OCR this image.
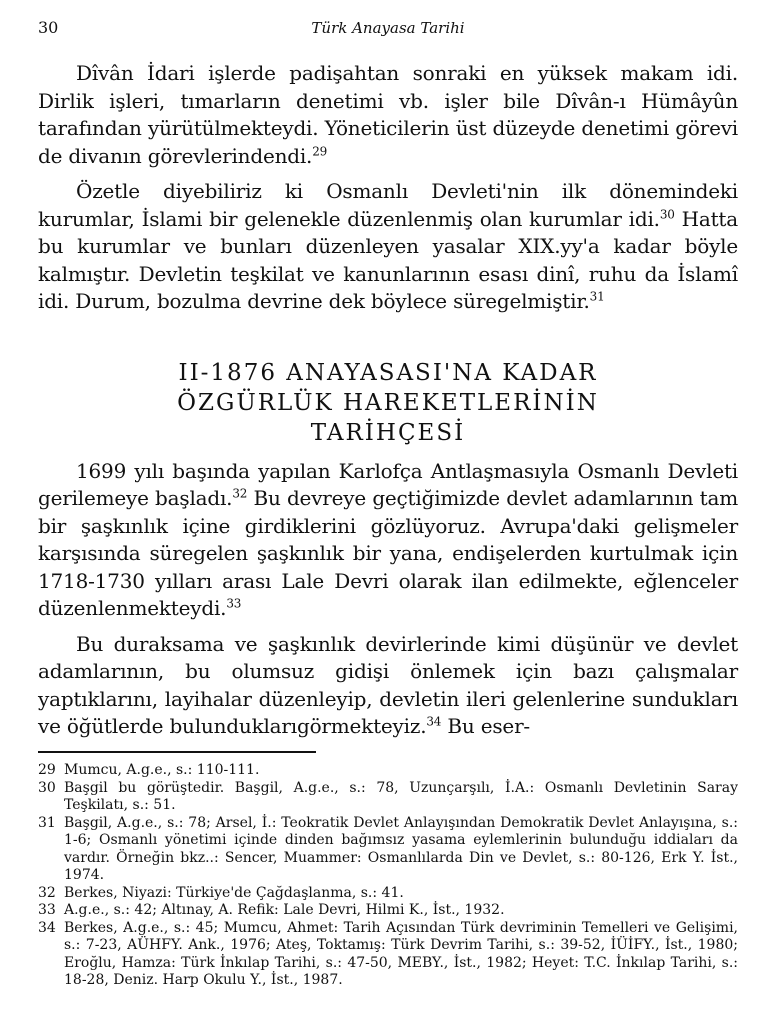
30	Türk Anayasa Tarihi

Dîvân İdari işlerde padişahtan sonraki en yüksek makam idi. Dirlik işleri, tımarların denetimi vb. işler bile Dîvân-ı Hümâyûn tarafından yürütülmekteydi. Yöneticilerin üst düzeyde denetimi görevi de divanın görevlerindendi.$^{29}$

Özetle diyebiliriz ki Osmanlı Devleti'nin ilk dönemindeki kurumlar, İslami bir gelenekle düzenlenmiş olan kurumlar idi.$^{30}$ Hatta bu kurumlar ve bunları düzenleyen yasalar XIX.yy'a kadar böyle kalmıştır. Devletin teşkilat ve kanunlarının esası dinî, ruhu da İslamî idi. Durum, bozulma devrine dek böylece süregelmiştir.$^{31}$

II-1876 ANAYASASI'NA KADAR
ÖZGÜRLÜK HAREKETLERİNİN
TARİHÇESİ

1699 yılı başında yapılan Karlofça Antlaşmasıyla Osmanlı Devleti gerilemeye başladı.$^{32}$ Bu devreye geçtiğimizde devlet adamlarının tam bir şaşkınlık içine girdiklerini gözlüyoruz. Avrupa'daki gelişmeler karşısında süregelen şaşkınlık bir yana, endişelerden kurtulmak için 1718-1730 yılları arası Lale Devri olarak ilan edilmekte, eğlenceler düzenlenmekteydi.$^{33}$

Bu duraksama ve şaşkınlık devirlerinde kimi düşünür ve devlet adamlarının, bu olumsuz gidişi önlemek için bazı çalışmalar yaptıklarını, layihalar düzenleyip, devletin ileri gelenlerine sundukları ve öğütlerde bulunduklarıgörmekteyiz.$^{34}$ Bu eser-

29 Mumcu, A.g.e., s.: 110-111.
30 Başgil bu görüştedir. Başgil, A.g.e., s.: 78, Uzunçarşılı, İ.A.: Osmanlı Devletinin Saray Teşkilatı, s.: 51.
31 Başgil, A.g.e., s.: 78; Arsel, İ.: Teokratik Devlet Anlayışından Demokratik Devlet Anlayışına, s.: 1-6; Osmanlı yönetimi içinde dinden bağımsız yasama eylemlerinin bulunduğu iddiaları da vardır. Örneğin bkz..: Sencer, Muammer: Osmanlılarda Din ve Devlet, s.: 80-126, Erk Y. İst., 1974.
32 Berkes, Niyazi: Türkiye'de Çağdaşlanma, s.: 41.
33 A.g.e., s.: 42; Altınay, A. Refik: Lale Devri, Hilmi K., İst., 1932.
34 Berkes, A.g.e., s.: 45; Mumcu, Ahmet: Tarih Açısından Türk devriminin Temelleri ve Gelişimi, s.: 7-23, AÜHFY. Ank., 1976; Ateş, Toktamış: Türk Devrim Tarihi, s.: 39-52, İÜİFY., İst., 1980; Eroğlu, Hamza: Türk İnkılap Tarihi, s.: 47-50, MEBY., İst., 1982; Heyet: T.C. İnkılap Tarihi, s.: 18-28, Deniz. Harp Okulu Y., İst., 1987.
